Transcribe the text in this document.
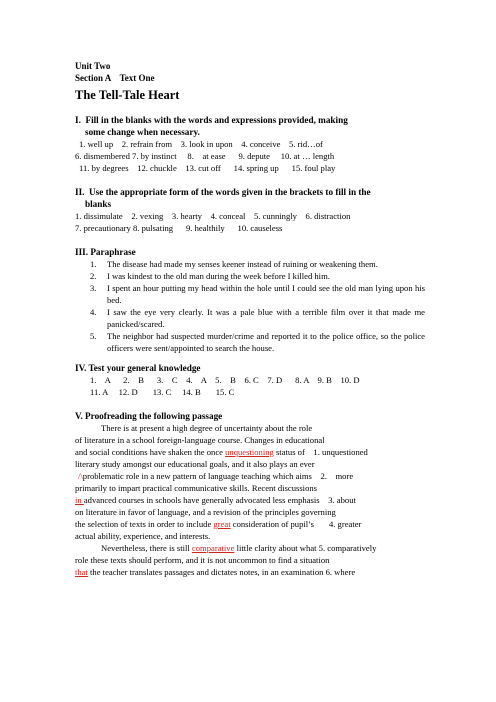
Unit Two
Section A    Text One
The Tell-Tale Heart
I.  Fill in the blanks with the words and expressions provided, making
some change when necessary.
1. well up    2. refrain from    3. look in upon    4. conceive    5. rid…of
6. dismembered 7. by instinct     8.    at ease      9. depute     10. at … length
11. by degrees    12. chuckle    13. cut off      14. spring up      15. foul play
II.  Use the appropriate form of the words given in the brackets to fill in the
blanks
1. dissimulate    2. vexing    3. hearty    4. conceal    5. cunningly    6. distraction
7. precautionary 8. pulsating      9. healthily      10. causeless
III. Paraphrase
1. The disease had made my senses keener instead of ruining or weakening them.
2. I was kindest to the old man during the week before I killed him.
3. I spent an hour putting my head within the hole until I could see the old man lying upon his bed.
4. I saw the eye very clearly. It was a pale blue with a terrible film over it that made me panicked/scared.
5. The neighbor had suspected murder/crime and reported it to the police office, so the police officers were sent/appointed to search the house.
IV. Test your general knowledge
1.    A      2.    B      3.    C    4.    A    5.    B    6. C    7. D      8. A    9. B    10. D
11. A     12. D       13. C     14. B       15. C
V. Proofreading the following passage
There is at present a high degree of uncertainty about the role
of literature in a school foreign-language course. Changes in educational
and social conditions have shaken the once unquestioning status of    1. unquestioned
literary study amongst our educational goals, and it also plays an ever
/\problematic role in a new pattern of language teaching which aims    2.    more
primarily to impart practical communicative skills. Recent discussions
in advanced courses in schools have generally advocated less emphasis    3. about
on literature in favor of language, and a revision of the principles governing
the selection of texts in order to include great consideration of pupil’s       4. greater
actual ability, experience, and interests.
Nevertheless, there is still comparative little clarity about what 5. comparatively
role these texts should perform, and it is not uncommon to find a situation
that the teacher translates passages and dictates notes, in an examination 6. where
